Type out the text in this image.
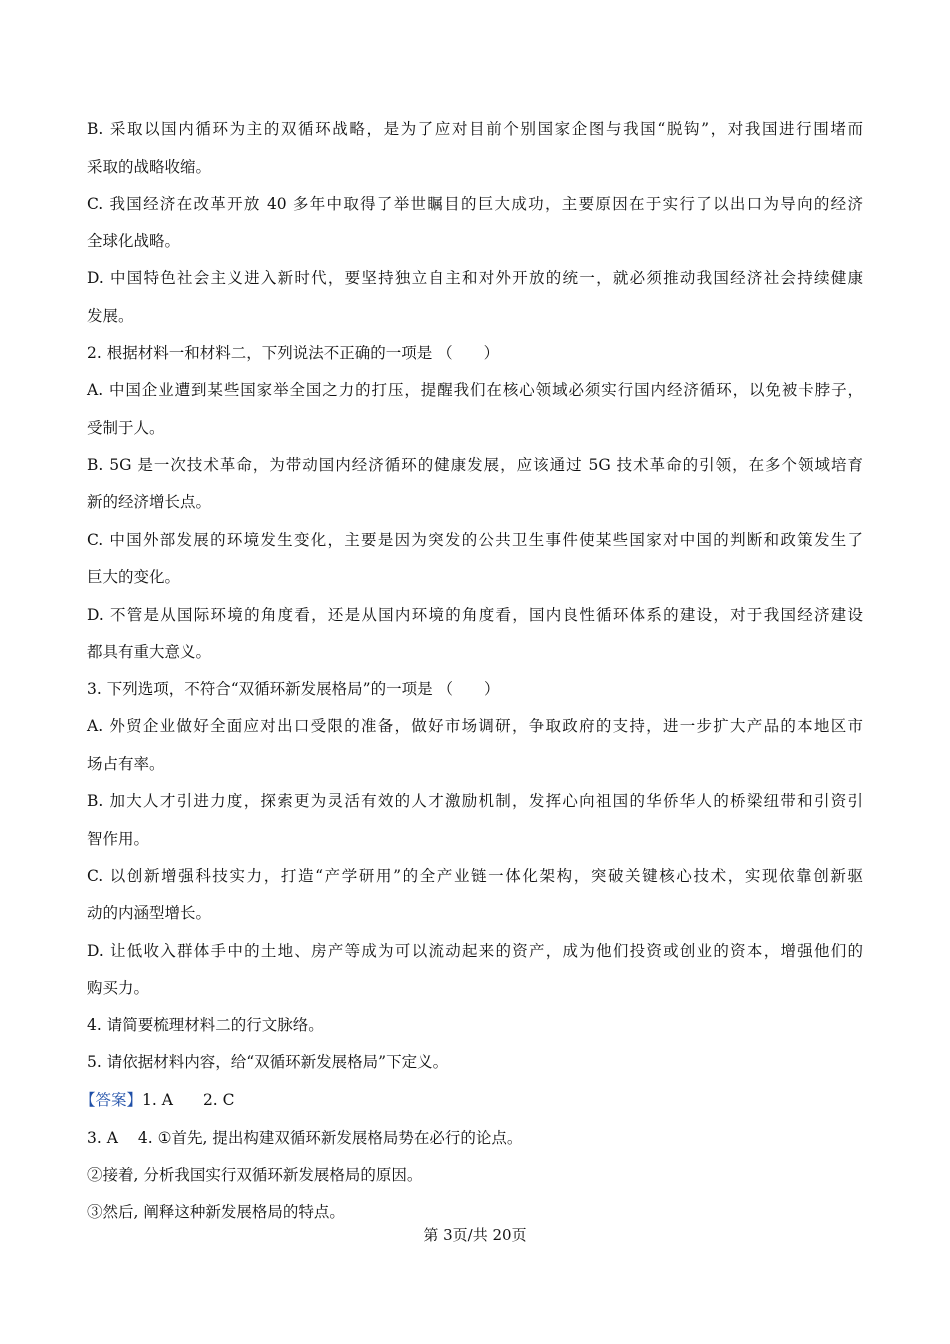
B. 采取以国内循环为主的双循环战略，是为了应对目前个别国家企图与我国“脱钩”，对我国进行围堵而
采取的战略收缩。
C. 我国经济在改革开放 40 多年中取得了举世瞩目的巨大成功，主要原因在于实行了以出口为导向的经济
全球化战略。
D. 中国特色社会主义进入新时代，要坚持独立自主和对外开放的统一，就必须推动我国经济社会持续健康
发展。
2. 根据材料一和材料二，下列说法不正确的一项是 （　　）
A. 中国企业遭到某些国家举全国之力的打压，提醒我们在核心领域必须实行国内经济循环，以免被卡脖子，
受制于人。
B. 5G 是一次技术革命，为带动国内经济循环的健康发展，应该通过 5G 技术革命的引领，在多个领域培育
新的经济增长点。
C. 中国外部发展的环境发生变化，主要是因为突发的公共卫生事件使某些国家对中国的判断和政策发生了
巨大的变化。
D. 不管是从国际环境的角度看，还是从国内环境的角度看，国内良性循环体系的建设，对于我国经济建设
都具有重大意义。
3. 下列选项，不符合“双循环新发展格局”的一项是 （　　）
A. 外贸企业做好全面应对出口受限的准备，做好市场调研，争取政府的支持，进一步扩大产品的本地区市
场占有率。
B. 加大人才引进力度，探索更为灵活有效的人才激励机制，发挥心向祖国的华侨华人的桥梁纽带和引资引
智作用。
C. 以创新增强科技实力，打造“产学研用”的全产业链一体化架构，突破关键核心技术，实现依靠创新驱
动的内涵型增长。
D. 让低收入群体手中的土地、房产等成为可以流动起来的资产，成为他们投资或创业的资本，增强他们的
购买力。
4. 请简要梳理材料二的行文脉络。
5. 请依据材料内容，给“双循环新发展格局”下定义。
【答案】1. A 2. C
3. A 4. ①首先, 提出构建双循环新发展格局势在必行的论点。
②接着, 分析我国实行双循环新发展格局的原因。
③然后, 阐释这种新发展格局的特点。
第 3页/共 20页
